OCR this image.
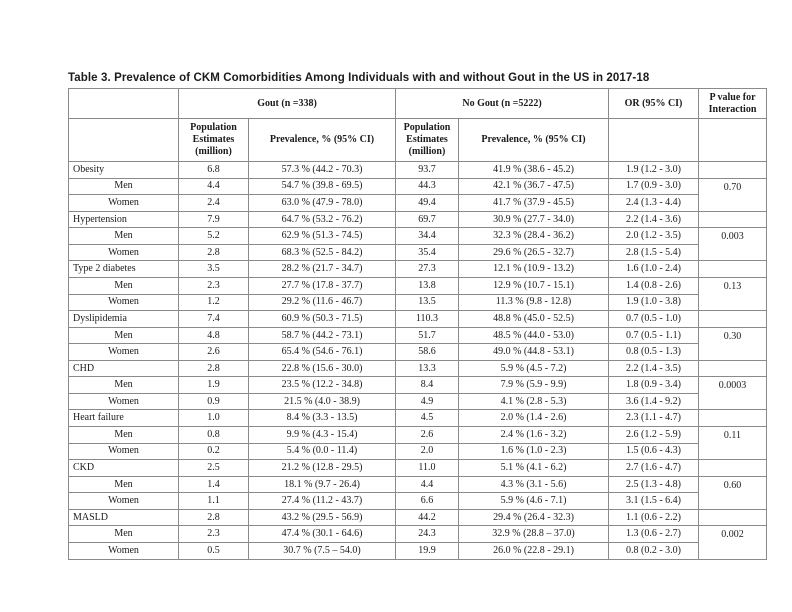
Table 3. Prevalence of CKM Comorbidities Among Individuals with and without Gout in the US in 2017-18
	Gout (n =338)		No Gout (n =5222)		OR (95% CI)	P value for Interaction
	Population Estimates (million)	Prevalence, % (95% CI)	Population Estimates (million)	Prevalence, % (95% CI)		
Obesity	6.8	57.3 % (44.2 - 70.3)	93.7	41.9 % (38.6 - 45.2)	1.9 (1.2 - 3.0)	
Men	4.4	54.7 % (39.8 - 69.5)	44.3	42.1 % (36.7 - 47.5)	1.7 (0.9 - 3.0)	0.70
Women	2.4	63.0 % (47.9 - 78.0)	49.4	41.7 % (37.9 - 45.5)	2.4 (1.3 - 4.4)	
Hypertension	7.9	64.7 % (53.2 - 76.2)	69.7	30.9 % (27.7 - 34.0)	2.2 (1.4 - 3.6)	
Men	5.2	62.9 % (51.3 - 74.5)	34.4	32.3 % (28.4 - 36.2)	2.0 (1.2 - 3.5)	0.003
Women	2.8	68.3 % (52.5 - 84.2)	35.4	29.6 % (26.5 - 32.7)	2.8 (1.5 - 5.4)	
Type 2 diabetes	3.5	28.2 % (21.7 - 34.7)	27.3	12.1 % (10.9 - 13.2)	1.6 (1.0 - 2.4)	
Men	2.3	27.7 % (17.8 - 37.7)	13.8	12.9 % (10.7 - 15.1)	1.4 (0.8 - 2.6)	0.13
Women	1.2	29.2 % (11.6 - 46.7)	13.5	11.3 % (9.8 - 12.8)	1.9 (1.0 - 3.8)	
Dyslipidemia	7.4	60.9 % (50.3 - 71.5)	110.3	48.8 % (45.0 - 52.5)	0.7 (0.5 - 1.0)	
Men	4.8	58.7 % (44.2 - 73.1)	51.7	48.5 % (44.0 - 53.0)	0.7 (0.5 - 1.1)	0.30
Women	2.6	65.4 % (54.6 - 76.1)	58.6	49.0 % (44.8 - 53.1)	0.8 (0.5 - 1.3)	
CHD	2.8	22.8 % (15.6 - 30.0)	13.3	5.9 % (4.5 - 7.2)	2.2 (1.4 - 3.5)	
Men	1.9	23.5 % (12.2 - 34.8)	8.4	7.9 % (5.9 - 9.9)	1.8 (0.9 - 3.4)	0.0003
Women	0.9	21.5 % (4.0 - 38.9)	4.9	4.1 % (2.8 - 5.3)	3.6 (1.4 - 9.2)	
Heart failure	1.0	8.4 % (3.3 - 13.5)	4.5	2.0 % (1.4 - 2.6)	2.3 (1.1 - 4.7)	
Men	0.8	9.9 % (4.3 - 15.4)	2.6	2.4 % (1.6 - 3.2)	2.6 (1.2 - 5.9)	0.11
Women	0.2	5.4 % (0.0 - 11.4)	2.0	1.6 % (1.0 - 2.3)	1.5 (0.6 - 4.3)	
CKD	2.5	21.2 % (12.8 - 29.5)	11.0	5.1 % (4.1 - 6.2)	2.7 (1.6 - 4.7)	
Men	1.4	18.1 % (9.7 - 26.4)	4.4	4.3 % (3.1 - 5.6)	2.5 (1.3 - 4.8)	0.60
Women	1.1	27.4 % (11.2 - 43.7)	6.6	5.9 % (4.6 - 7.1)	3.1 (1.5 - 6.4)	
MASLD	2.8	43.2 % (29.5 - 56.9)	44.2	29.4 % (26.4 - 32.3)	1.1 (0.6 - 2.2)	
Men	2.3	47.4 % (30.1 - 64.6)	24.3	32.9 % (28.8 – 37.0)	1.3 (0.6 - 2.7)	0.002
Women	0.5	30.7 % (7.5 – 54.0)	19.9	26.0 % (22.8 - 29.1)	0.8 (0.2 - 3.0)	
